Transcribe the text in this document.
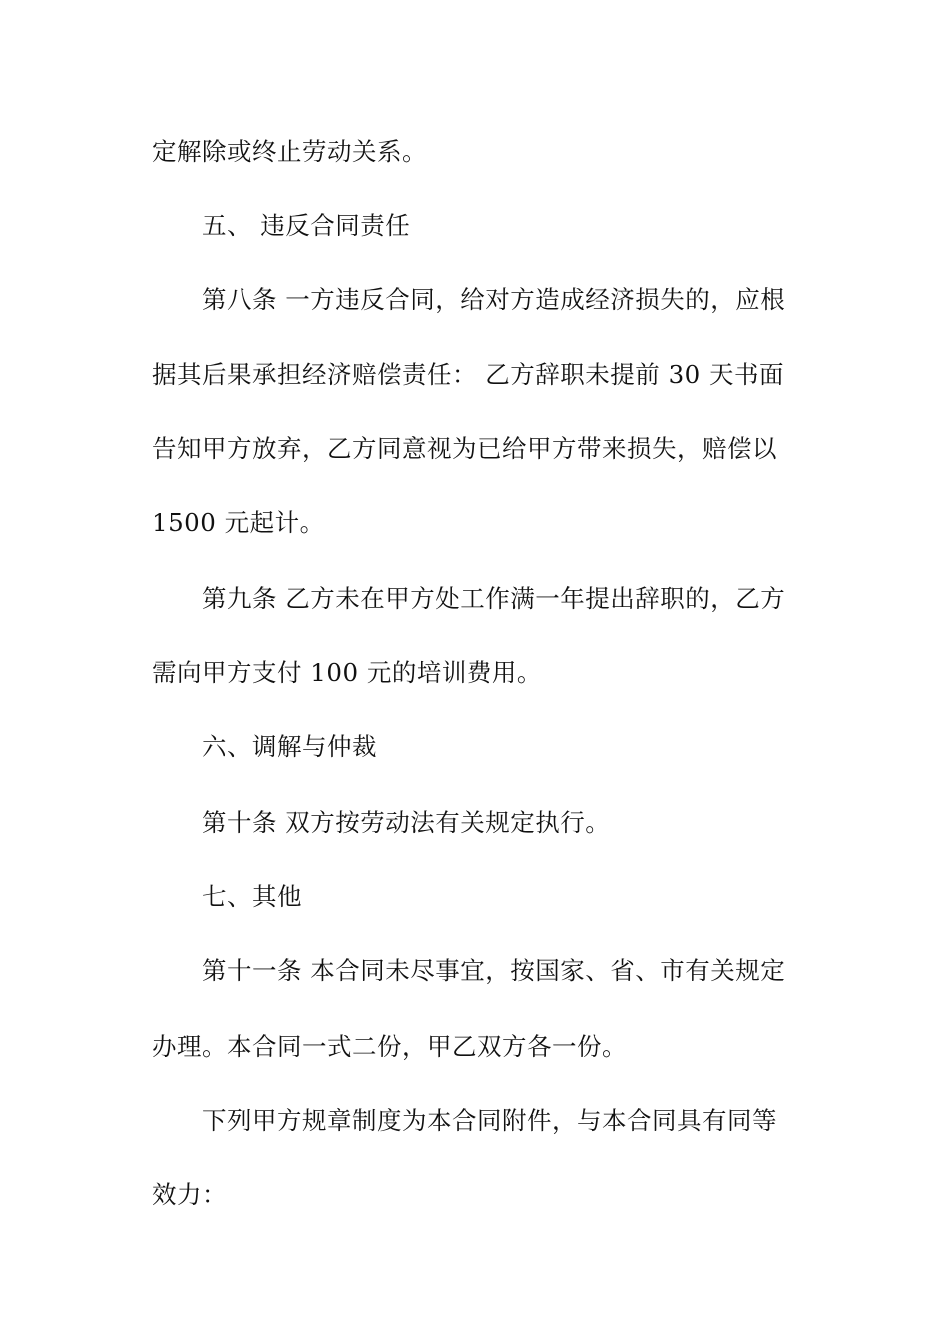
定解除或终止劳动关系。
五、 违反合同责任
第八条 一方违反合同，给对方造成经济损失的，应根
据其后果承担经济赔偿责任： 乙方辞职未提前 30 天书面
告知甲方放弃，乙方同意视为已给甲方带来损失，赔偿以
1500 元起计。
第九条 乙方未在甲方处工作满一年提出辞职的，乙方
需向甲方支付 100 元的培训费用。
六、调解与仲裁
第十条 双方按劳动法有关规定执行。
七、其他
第十一条 本合同未尽事宜，按国家、省、市有关规定
办理。本合同一式二份，甲乙双方各一份。
下列甲方规章制度为本合同附件，与本合同具有同等
效力：
